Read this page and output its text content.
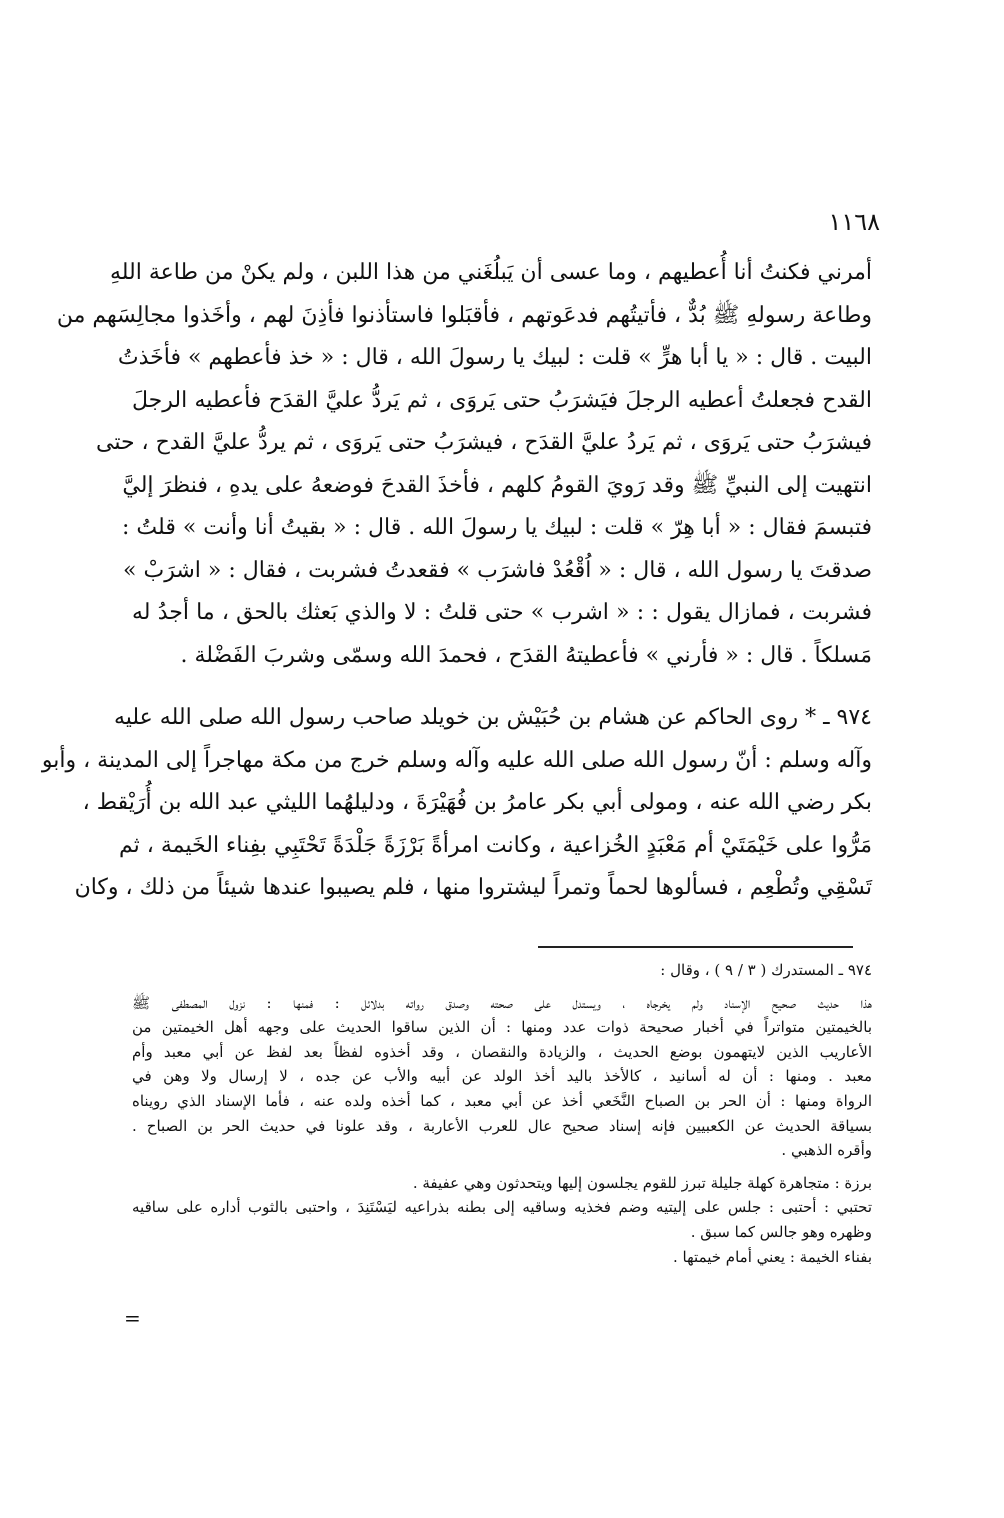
١١٦٨

أمرني فكنتُ أنا أُعطيهم ، وما عسى أن يَبلُغَني من هذا اللبن ، ولم يكنْ من طاعة اللهِ
وطاعة رسولهِ ﷺ بُدٌّ ، فأتيتُهم فدعَوتهم ، فأقبَلوا فاستأذنوا فأذِنَ لهم ، وأخَذوا مجالِسَهم من
البيت . قال : « يا أبا هرٍّ » قلت : لبيك يا رسولَ الله ، قال : « خذ فأعطهم » فأخَذتُ
القدح فجعلتُ أعطيه الرجلَ فيَشرَبُ حتى يَروَى ، ثم يَردُّ عليَّ القدَح فأعطيه الرجلَ
فيشرَبُ حتى يَروَى ، ثم يَردُ عليَّ القدَح ، فيشرَبُ حتى يَروَى ، ثم يردُّ عليَّ القدح ، حتى
انتهيت إلى النبيِّ ﷺ وقد رَويَ القومُ كلهم ، فأخذَ القدحَ فوضعهُ على يدهِ ، فنظرَ إليَّ
فتبسمَ فقال : « أبا هِرّ » قلت : لبيك يا رسولَ الله . قال : « بقيتُ أنا وأنت » قلتُ :
صدقتَ يا رسول الله ، قال : « اُقْعُدْ فاشرَب » فقعدتُ فشربت ، فقال : « اشرَبْ »
فشربت ، فمازال يقول : : « اشرب » حتى قلتُ : لا والذي بَعثك بالحق ، ما أجدُ له
مَسلكاً . قال : « فأرني » فأعطيتهُ القدَح ، فحمدَ الله وسمّى وشربَ الفَضْلة .
٩٧٤ ـ * روى الحاكم عن هشام بن حُبَيْش بن خويلد صاحب رسول الله صلى الله عليه
وآله وسلم : أنّ رسول الله صلى الله عليه وآله وسلم خرج من مكة مهاجراً إلى المدينة ، وأبو
بكر رضي الله عنه ، ومولى أبي بكر عامرُ بن فُهَيْرَةَ ، ودليلهُما الليثي عبد الله بن أُرَيْقط ،
مَرُّوا على خَيْمَتَيْ أم مَعْبَدٍ الخُزاعية ، وكانت امرأةً بَرْزَةً جَلْدَةً تَحْتَبِي بفِناء الخَيمة ، ثم
تَسْقِي وتُطْعِم ، فسألوها لحماً وتمراً ليشتروا منها ، فلم يصيبوا عندها شيئاً من ذلك ، وكان
٩٧٤ ـ المستدرك ( ٣ / ٩ ) ، وقال :
هذا حديث صحيح الإسناد ولم يخرجاه ، ويستدل على صحته وصدق رواته بدلائل : فمنها : نزول المصطفى ﷺ
بالخيمتين متواتراً في أخبار صحيحة ذوات عدد ومنها : أن الذين ساقوا الحديث على وجهه أهل الخيمتين من
الأعاريب الذين لايتهمون بوضع الحديث ، والزيادة والنقصان ، وقد أخذوه لفظاً بعد لفظ عن أبي معبد وأم
معبد . ومنها : أن له أسانيد ، كالأخذ باليد أخذ الولد عن أبيه والأب عن جده ، لا إرسال ولا وهن في
الرواة ومنها : أن الحر بن الصباح النَّخَعي أخذ عن أبي معبد ، كما أخذه ولده عنه ، فأما الإسناد الذي رويناه
بسياقة الحديث عن الكعبيين فإنه إسناد صحيح عال للعرب الأعاربة ، وقد علونا في حديث الحر بن الصباح .
وأقره الذهبي .
برزة : متجاهرة كهلة جليلة تبرز للقوم يجلسون إليها ويتحدثون وهي عفيفة .
تحتبي : أحتبى : جلس على إليتيه وضم فخذيه وساقيه إلى بطنه بذراعيه ليَسْتَنِدَ ، واحتبى بالثوب أداره على ساقيه
وظهره وهو جالس كما سبق .
بفناء الخيمة : يعني أمام خيمتها .

=
